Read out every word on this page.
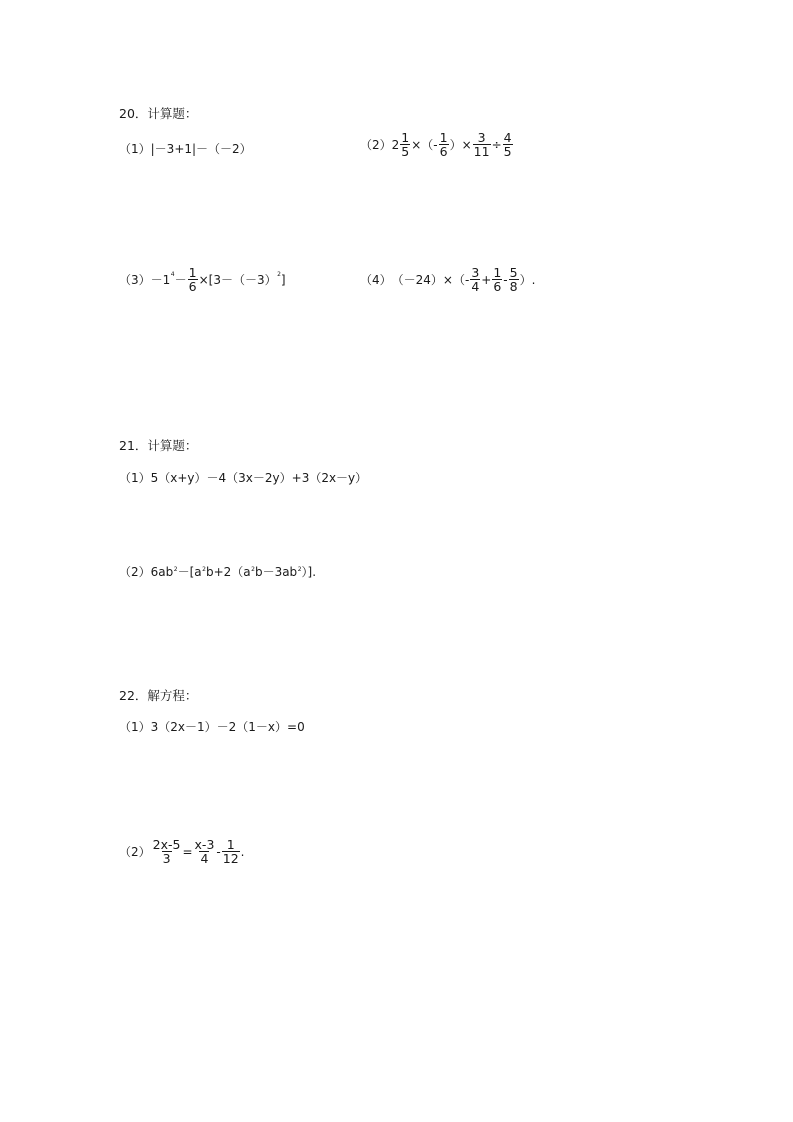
20．计算题：
（1）|－3+1|－（－2）	（2） $2 \frac{1}{5}$ ×（ - $\frac{1}{6}$ ）× $\frac{3}{11} \div \frac{4}{5}$
（3） －1 $4 - \frac{1}{6} \times[3-(-3)$ 2 ]	（4） $(-24)\times( - \frac{3}{4} + \frac{1}{6} - \frac{5}{8}$ ）.
21．计算题：
（1）5（x+y）－4（3x－2y）+3（2x－y）
$(2)6ab^2-[a^2b+2(a^2b-3ab^2)]$.
22．解方程：
（1）3（2x－1）－2（1－x）=0
$(2) \frac{2x-5}{3} = \frac{x-3}{4} - \frac{1}{12}$ .
